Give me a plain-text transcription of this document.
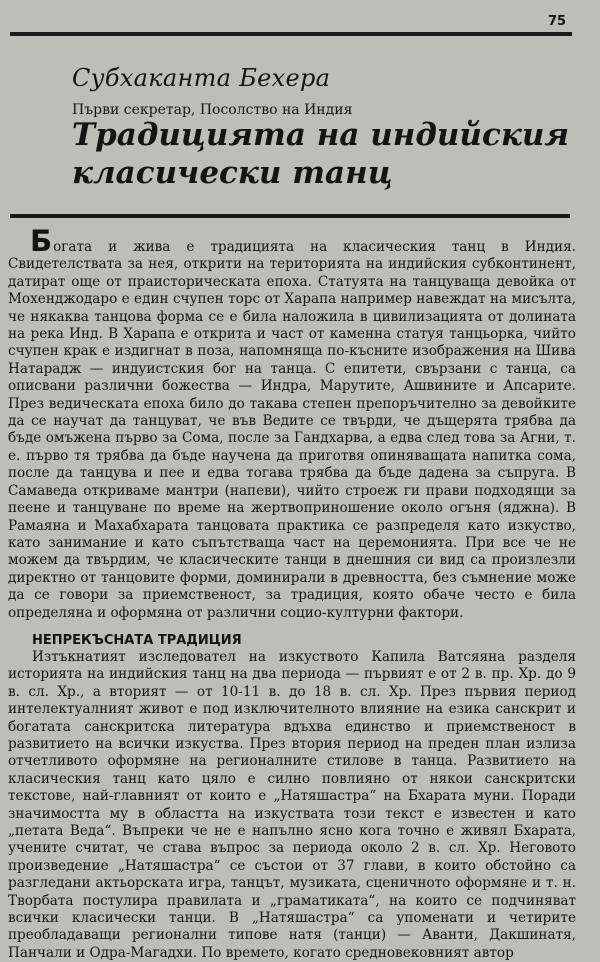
75
Субхаканта Бехера
Първи секретар, Посолство на Индия
Традицията на индийския класически танц

Богата и жива е традицията на класическия танц в Индия. Свидетелствата за нея, открити на територията на индийския субконтинент, датират още от праисторическата епоха. Статуята на танцуваща девойка от Мохенджодаро е един счупен торс от Харапа например навеждат на мисълта, че някаква танцова форма се е била наложила в цивилизацията от долината на река Инд. В Харапа е открита и част от каменна статуя танцьорка, чийто счупен крак е издигнат в поза, напомняща по-късните изображения на Шива Натарадж — индуистския бог на танца. С епитети, свързани с танца, са описвани различни божества — Индра, Марутите, Ашвините и Апсарите. През ведическата епоха било до такава степен препоръчително за девойките да се научат да танцуват, че във Ведите се твърди, че дъщерята трябва да бъде омъжена първо за Сома, после за Гандхарва, а едва след това за Агни, т. е. първо тя трябва да бъде научена да приготвя опиняващата напитка сома, после да танцува и пее и едва тогава трябва да бъде дадена за съпруга. В Самаведа откриваме мантри (напеви), чийто строеж ги прави подходящи за пеене и танцуване по време на жертвоприношение около огъня (яджна). В Рамаяна и Махабхарата танцовата практика се разпределя като изкуство, като занимание и като съпътстваща част на церемонията. При все че не можем да твърдим, че класическите танци в днешния си вид са произлезли директно от танцовите форми, доминирали в древността, без съмнение може да се говори за приемственост, за традиция, която обаче често е била определяна и оформяна от различни социо-културни фактори.

НЕПРЕКЪСНАТА ТРАДИЦИЯ

Изтъкнатият изследовател на изкуството Капила Ватсяяна разделя историята на индийския танц на два периода — първият е от 2 в. пр. Хр. до 9 в. сл. Хр., а вторият — от 10-11 в. до 18 в. сл. Хр. През първия период интелектуалният живот е под изключителното влияние на езика санскрит и богатата санскритска литература вдъхва единство и приемственост в развитието на всички изкуства. През втория период на преден план излиза отчетливото оформяне на регионалните стилове в танца. Развитието на класическия танц като цяло е силно повлияно от някои санскритски текстове, най-главният от които е „Натяшастра“ на Бхарата муни. Поради значимостта му в областта на изкуствата този текст е известен и като „петата Веда“. Въпреки че не е напълно ясно кога точно е живял Бхарата, учените считат, че става въпрос за периода около 2 в. сл. Хр. Неговото произведение „Натяшастра“ се състои от 37 глави, в които обстойно са разгледани актьорската игра, танцът, музиката, сценичното оформяне и т. н. Творбата постулира правилата и „граматиката“, на които се подчиняват всички класически танци. В „Натяшастра“ са упоменати и четирите преобладаващи регионални типове натя (танци) — Аванти, Дакшинатя, Панчали и Одра-Магадхи. По времето, когато средновековният автор
